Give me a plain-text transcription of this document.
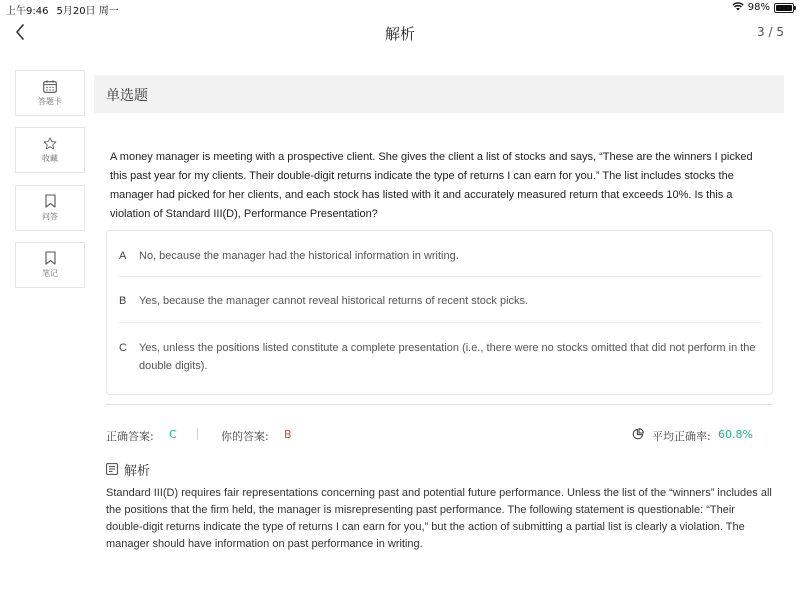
上午9:46 5月20日 周一	98%
解析	3 / 5
答题卡
收藏
问答
笔记
单选题
A money manager is meeting with a prospective client. She gives the client a list of stocks and says, “These are the winners I picked this past year for my clients. Their double-digit returns indicate the type of returns I can earn for you.” The list includes stocks the manager had picked for her clients, and each stock has listed with it and accurately measured return that exceeds 10%. Is this a violation of Standard III(D), Performance Presentation?
A	No, because the manager had the historical information in writing.
B	Yes, because the manager cannot reveal historical returns of recent stock picks.
C	Yes, unless the positions listed constitute a complete presentation (i.e., there were no stocks omitted that did not perform in the double digits).
正确答案: C	你的答案: B	平均正确率: 60.8%
解析
Standard III(D) requires fair representations concerning past and potential future performance. Unless the list of the “winners” includes all the positions that the firm held, the manager is misrepresenting past performance. The following statement is questionable: “Their double-digit returns indicate the type of returns I can earn for you,” but the action of submitting a partial list is clearly a violation. The manager should have information on past performance in writing.
